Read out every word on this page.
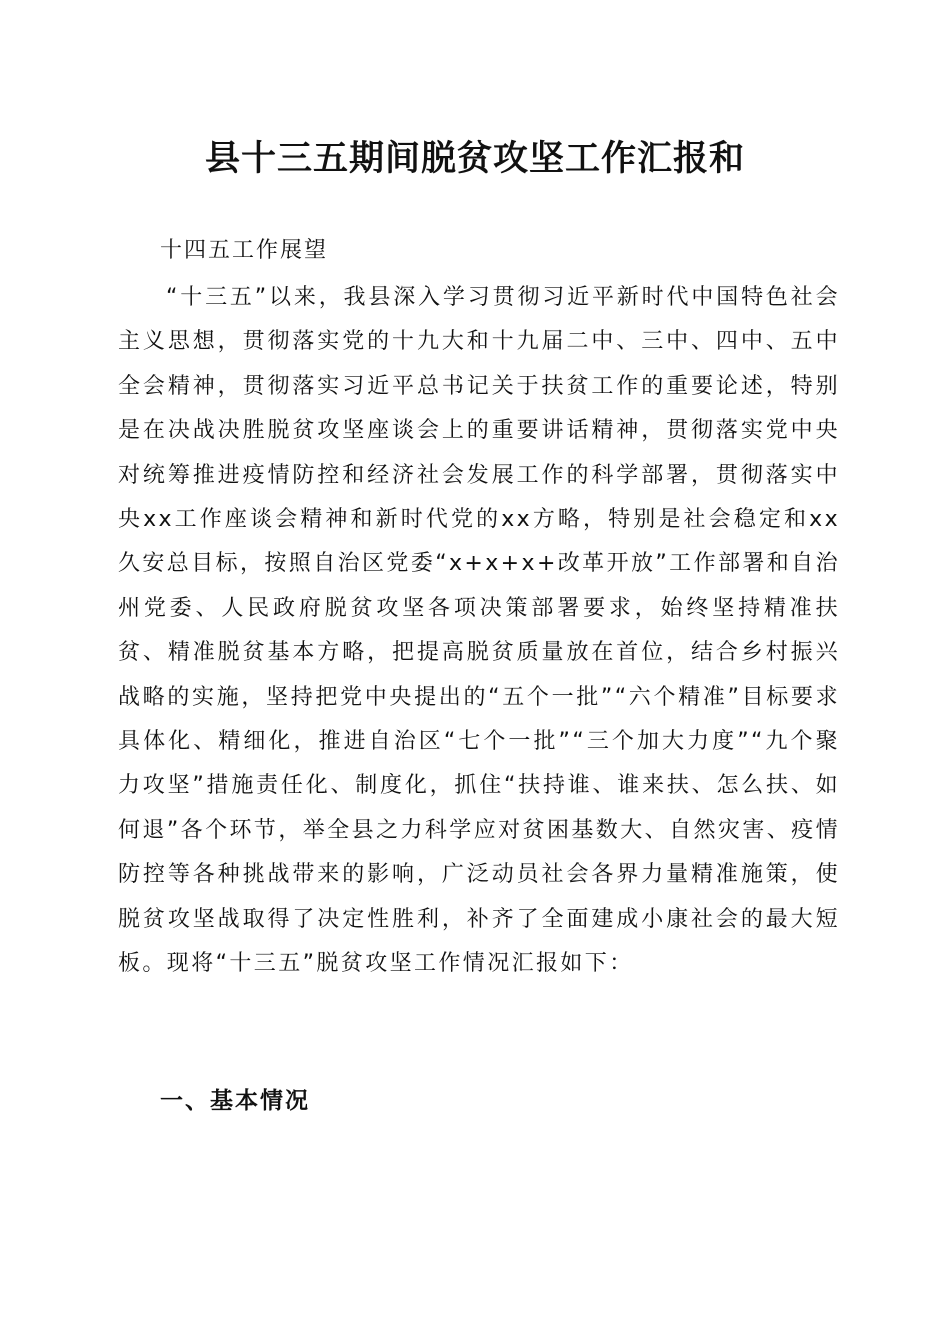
县十三五期间脱贫攻坚工作汇报和
十四五工作展望

“十三五”以来，我县深入学习贯彻习近平新时代中国特色社会主义思想，贯彻落实党的十九大和十九届二中、三中、四中、五中全会精神，贯彻落实习近平总书记关于扶贫工作的重要论述，特别是在决战决胜脱贫攻坚座谈会上的重要讲话精神，贯彻落实党中央对统筹推进疫情防控和经济社会发展工作的科学部署，贯彻落实中央xx工作座谈会精神和新时代党的xx方略，特别是社会稳定和xx久安总目标，按照自治区党委“x+x+x+改革开放”工作部署和自治州党委、人民政府脱贫攻坚各项决策部署要求，始终坚持精准扶贫、精准脱贫基本方略，把提高脱贫质量放在首位，结合乡村振兴战略的实施，坚持把党中央提出的“五个一批”“六个精准”目标要求具体化、精细化，推进自治区“七个一批”“三个加大力度”“九个聚力攻坚”措施责任化、制度化，抓住“扶持谁、谁来扶、怎么扶、如何退”各个环节，举全县之力科学应对贫困基数大、自然灾害、疫情防控等各种挑战带来的影响，广泛动员社会各界力量精准施策，使脱贫攻坚战取得了决定性胜利，补齐了全面建成小康社会的最大短板。现将“十三五”脱贫攻坚工作情况汇报如下：

一、基本情况
